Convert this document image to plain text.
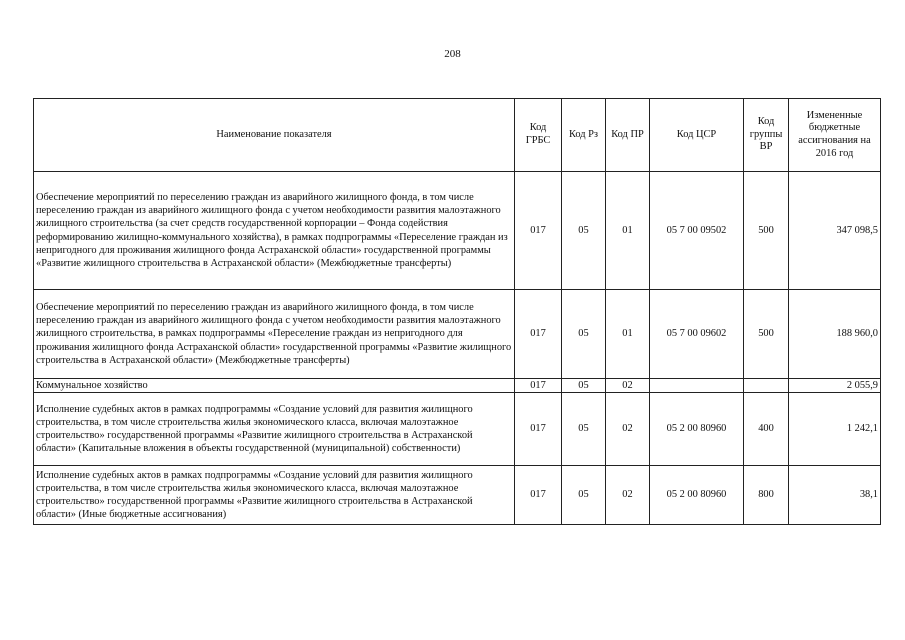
208
Наименование показателя	Код ГРБС	Код Рз	Код ПР	Код ЦСР	Код группы ВР	Измененные бюджетные ассигнования на 2016 год
Обеспечение мероприятий по переселению граждан из аварийного жилищного фонда, в том числе переселению граждан из аварийного жилищного фонда с учетом необходимости развития малоэтажного жилищного строительства (за счет средств государственной корпорации – Фонда содействия реформированию жилищно-коммунального хозяйства), в рамках подпрограммы «Переселение граждан из непригодного для проживания жилищного фонда Астраханской области» государственной программы «Развитие жилищного строительства в Астраханской области» (Межбюджетные трансферты)	017	05	01	05 7 00 09502	500	347 098,5
Обеспечение мероприятий по переселению граждан из аварийного жилищного фонда, в том числе переселению граждан из аварийного жилищного фонда с учетом необходимости развития малоэтажного жилищного строительства, в рамках подпрограммы «Переселение граждан из непригодного для проживания жилищного фонда Астраханской области» государственной программы «Развитие жилищного строительства в Астраханской области» (Межбюджетные трансферты)	017	05	01	05 7 00 09602	500	188 960,0
Коммунальное хозяйство	017	05	02			2 055,9
Исполнение судебных актов в рамках подпрограммы «Создание условий для развития жилищного строительства, в том числе строительства жилья экономического класса, включая малоэтажное строительство» государственной программы «Развитие жилищного строительства в Астраханской области» (Капитальные вложения в объекты государственной (муниципальной) собственности)	017	05	02	05 2 00 80960	400	1 242,1
Исполнение судебных актов в рамках подпрограммы «Создание условий для развития жилищного строительства, в том числе строительства жилья экономического класса, включая малоэтажное строительство» государственной программы «Развитие жилищного строительства в Астраханской области» (Иные бюджетные ассигнования)	017	05	02	05 2 00 80960	800	38,1
